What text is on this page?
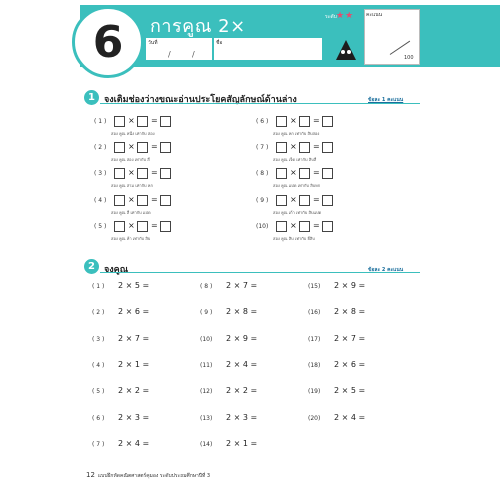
6	การคูณ 2×
วันที่
/	/
ชื่อ
ระดับ ★★ คะแนน
100
1	จงเติมช่องว่างขณะอ่านประโยคสัญลักษณ์ด้านล่าง	ข้อละ 1 คะแนน
( 1 )	× =
สอง คูณ หนึ่ง เท่ากับ สอง
( 2 )	× =
สอง คูณ สอง เท่ากับ สี่
( 3 )	× =
สอง คูณ สาม เท่ากับ หก
( 4 )	× =
สอง คูณ สี่ เท่ากับ แปด
( 5 )	× =
สอง คูณ ห้า เท่ากับ สิบ
( 6 )	× =
สอง คูณ หก เท่ากับ สิบสอง
( 7 )	× =
สอง คูณ เจ็ด เท่ากับ สิบสี่
( 8 )	× =
สอง คูณ แปด เท่ากับ สิบหก
( 9 )	× =
สอง คูณ เก้า เท่ากับ สิบแปด
(10)	× =
สอง คูณ สิบ เท่ากับ ยี่สิบ
2	จงคูณ	ข้อละ 2 คะแนน
( 1 ) 2 × 5 =
( 2 ) 2 × 6 =
( 3 ) 2 × 7 =
( 4 ) 2 × 1 =
( 5 ) 2 × 2 =
( 6 ) 2 × 3 =
( 7 ) 2 × 4 =
( 8 ) 2 × 7 =
( 9 ) 2 × 8 =
(10) 2 × 9 =
(11) 2 × 4 =
(12) 2 × 2 =
(13) 2 × 3 =
(14) 2 × 1 =
(15) 2 × 9 =
(16) 2 × 8 =
(17) 2 × 7 =
(18) 2 × 6 =
(19) 2 × 5 =
(20) 2 × 4 =
12 แบบฝึกหัดคณิตศาสตร์คุมอง ระดับประถมศึกษาปีที่ 3
